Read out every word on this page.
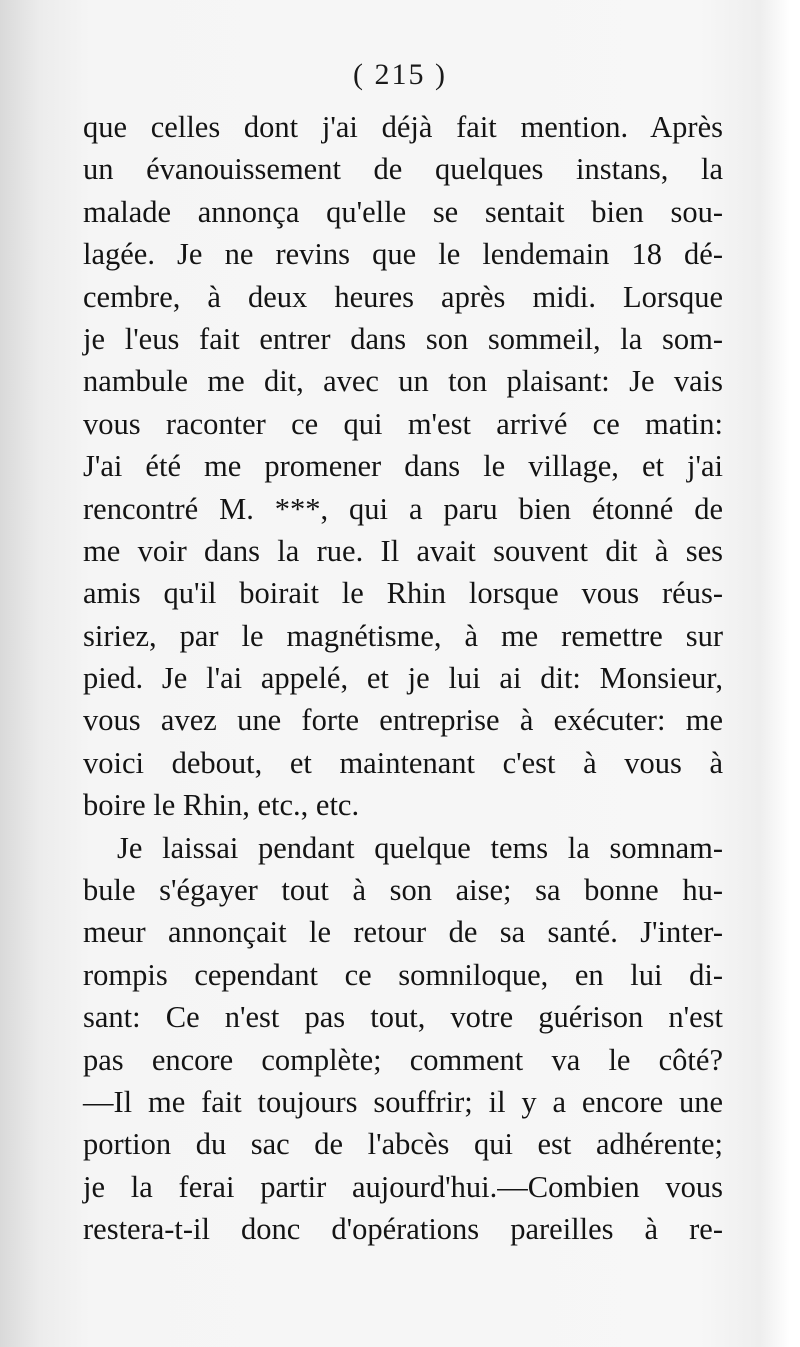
( 215 )
que celles dont j'ai déjà fait mention. Après
un évanouissement de quelques instans, la
malade annonça qu'elle se sentait bien sou-
lagée. Je ne revins que le lendemain 18 dé-
cembre, à deux heures après midi. Lorsque
je l'eus fait entrer dans son sommeil, la som-
nambule me dit, avec un ton plaisant: Je vais
vous raconter ce qui m'est arrivé ce matin:
J'ai été me promener dans le village, et j'ai
rencontré M. ***, qui a paru bien étonné de
me voir dans la rue. Il avait souvent dit à ses
amis qu'il boirait le Rhin lorsque vous réus-
siriez, par le magnétisme, à me remettre sur
pied. Je l'ai appelé, et je lui ai dit: Monsieur,
vous avez une forte entreprise à exécuter: me
voici debout, et maintenant c'est à vous à
boire le Rhin, etc., etc.
Je laissai pendant quelque tems la somnam-
bule s'égayer tout à son aise; sa bonne hu-
meur annonçait le retour de sa santé. J'inter-
rompis cependant ce somniloque, en lui di-
sant: Ce n'est pas tout, votre guérison n'est
pas encore complète; comment va le côté?
—Il me fait toujours souffrir; il y a encore une
portion du sac de l'abcès qui est adhérente;
je la ferai partir aujourd'hui.—Combien vous
restera-t-il donc d'opérations pareilles à re-
